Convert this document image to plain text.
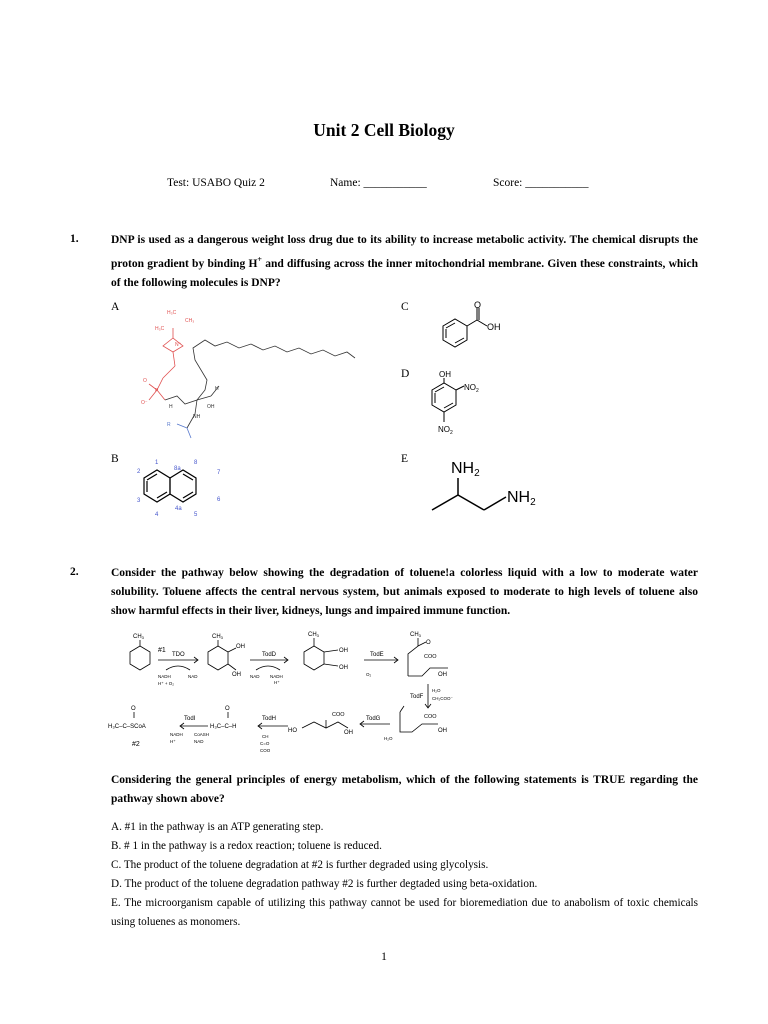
Unit 2 Cell Biology
Test: USABO Quiz 2	Name: ___________	Score: ___________
1.	DNP is used as a dangerous weight loss drug due to its ability to increase metabolic activity. The chemical disrupts the proton gradient by binding H+ and diffusing across the inner mitochondrial membrane. Given these constraints, which of the following molecules is DNP?
A	C
D
B	E
H₃C
CH₃
H₃C
N⁺
P
O
O⁻
NH
H	OH
H
R
O
OH
OH
$NO_2$
$NO_2$
1
2
3
4
4a
5
6
7
8
8a	NH2
NH2
2.	Consider the pathway below showing the degradation of toluene!a colorless liquid with a low to moderate water solubility. Toluene affects the central nervous system, but animals exposed to moderate to high levels of toluene also show harmful effects in their liver, kidneys, lungs and impaired immune function.
CH3	CH3	CH3	CH3
#1
TDO
NADH	NAD
H⁺ + O₂
OH
OH
TodD
NAD NADH
H⁺
OH
OH
TodE
O₂
O
COO
OH
TodF
H₂O
CH₂COO⁻
COO
OH
TodG
H₂O
COO
HO	OH
TodH
CH
C=O
COO
O
H₃C–C–H
TodI
NADH CoASH
H⁺	NAD
O
H₃C–C–SCoA
#2
Considering the general principles of energy metabolism, which of the following statements is TRUE regarding the pathway shown above?
A. #1 in the pathway is an ATP generating step.
B. # 1 in the pathway is a redox reaction; toluene is reduced.
C. The product of the toluene degradation at #2 is further degraded using glycolysis.
D. The product of the toluene degradation pathway #2 is further degtaded using beta-oxidation.
E. The microorganism capable of utilizing this pathway cannot be used for bioremediation due to anabolism of toxic chemicals using toluenes as monomers.
1
